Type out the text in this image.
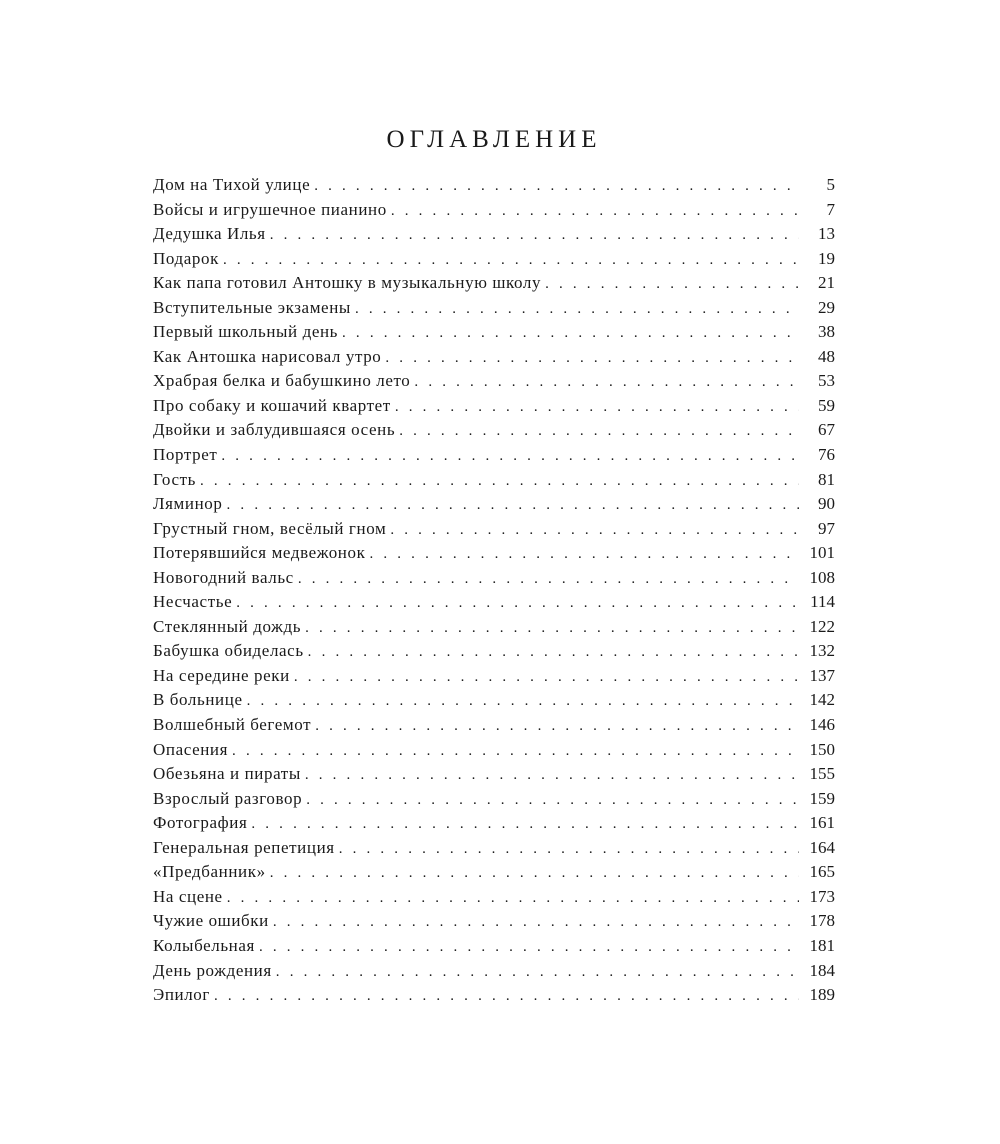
ОГЛАВЛЕНИЕ
Дом на Тихой улице . . .	5
Войсы и игрушечное пианино . . .	7
Дедушка Илья . . .	13
Подарок . . .	19
Как папа готовил Антошку в музыкальную школу . . .	21
Вступительные экзамены . . .	29
Первый школьный день . . .	38
Как Антошка нарисовал утро . . .	48
Храбрая белка и бабушкино лето . . .	53
Про собаку и кошачий квартет . . .	59
Двойки и заблудившаяся осень . . .	67
Портрет . . .	76
Гость . . .	81
Ляминор . . .	90
Грустный гном, весёлый гном . . .	97
Потерявшийся медвежонок . . .	101
Новогодний вальс . . .	108
Несчастье . . .	114
Стеклянный дождь . . .	122
Бабушка обиделась . . .	132
На середине реки . . .	137
В больнице . . .	142
Волшебный бегемот . . .	146
Опасения . . .	150
Обезьяна и пираты . . .	155
Взрослый разговор . . .	159
Фотография . . .	161
Генеральная репетиция . . .	164
«Предбанник» . . .	165
На сцене . . .	173
Чужие ошибки . . .	178
Колыбельная . . .	181
День рождения . . .	184
Эпилог . . .	189
